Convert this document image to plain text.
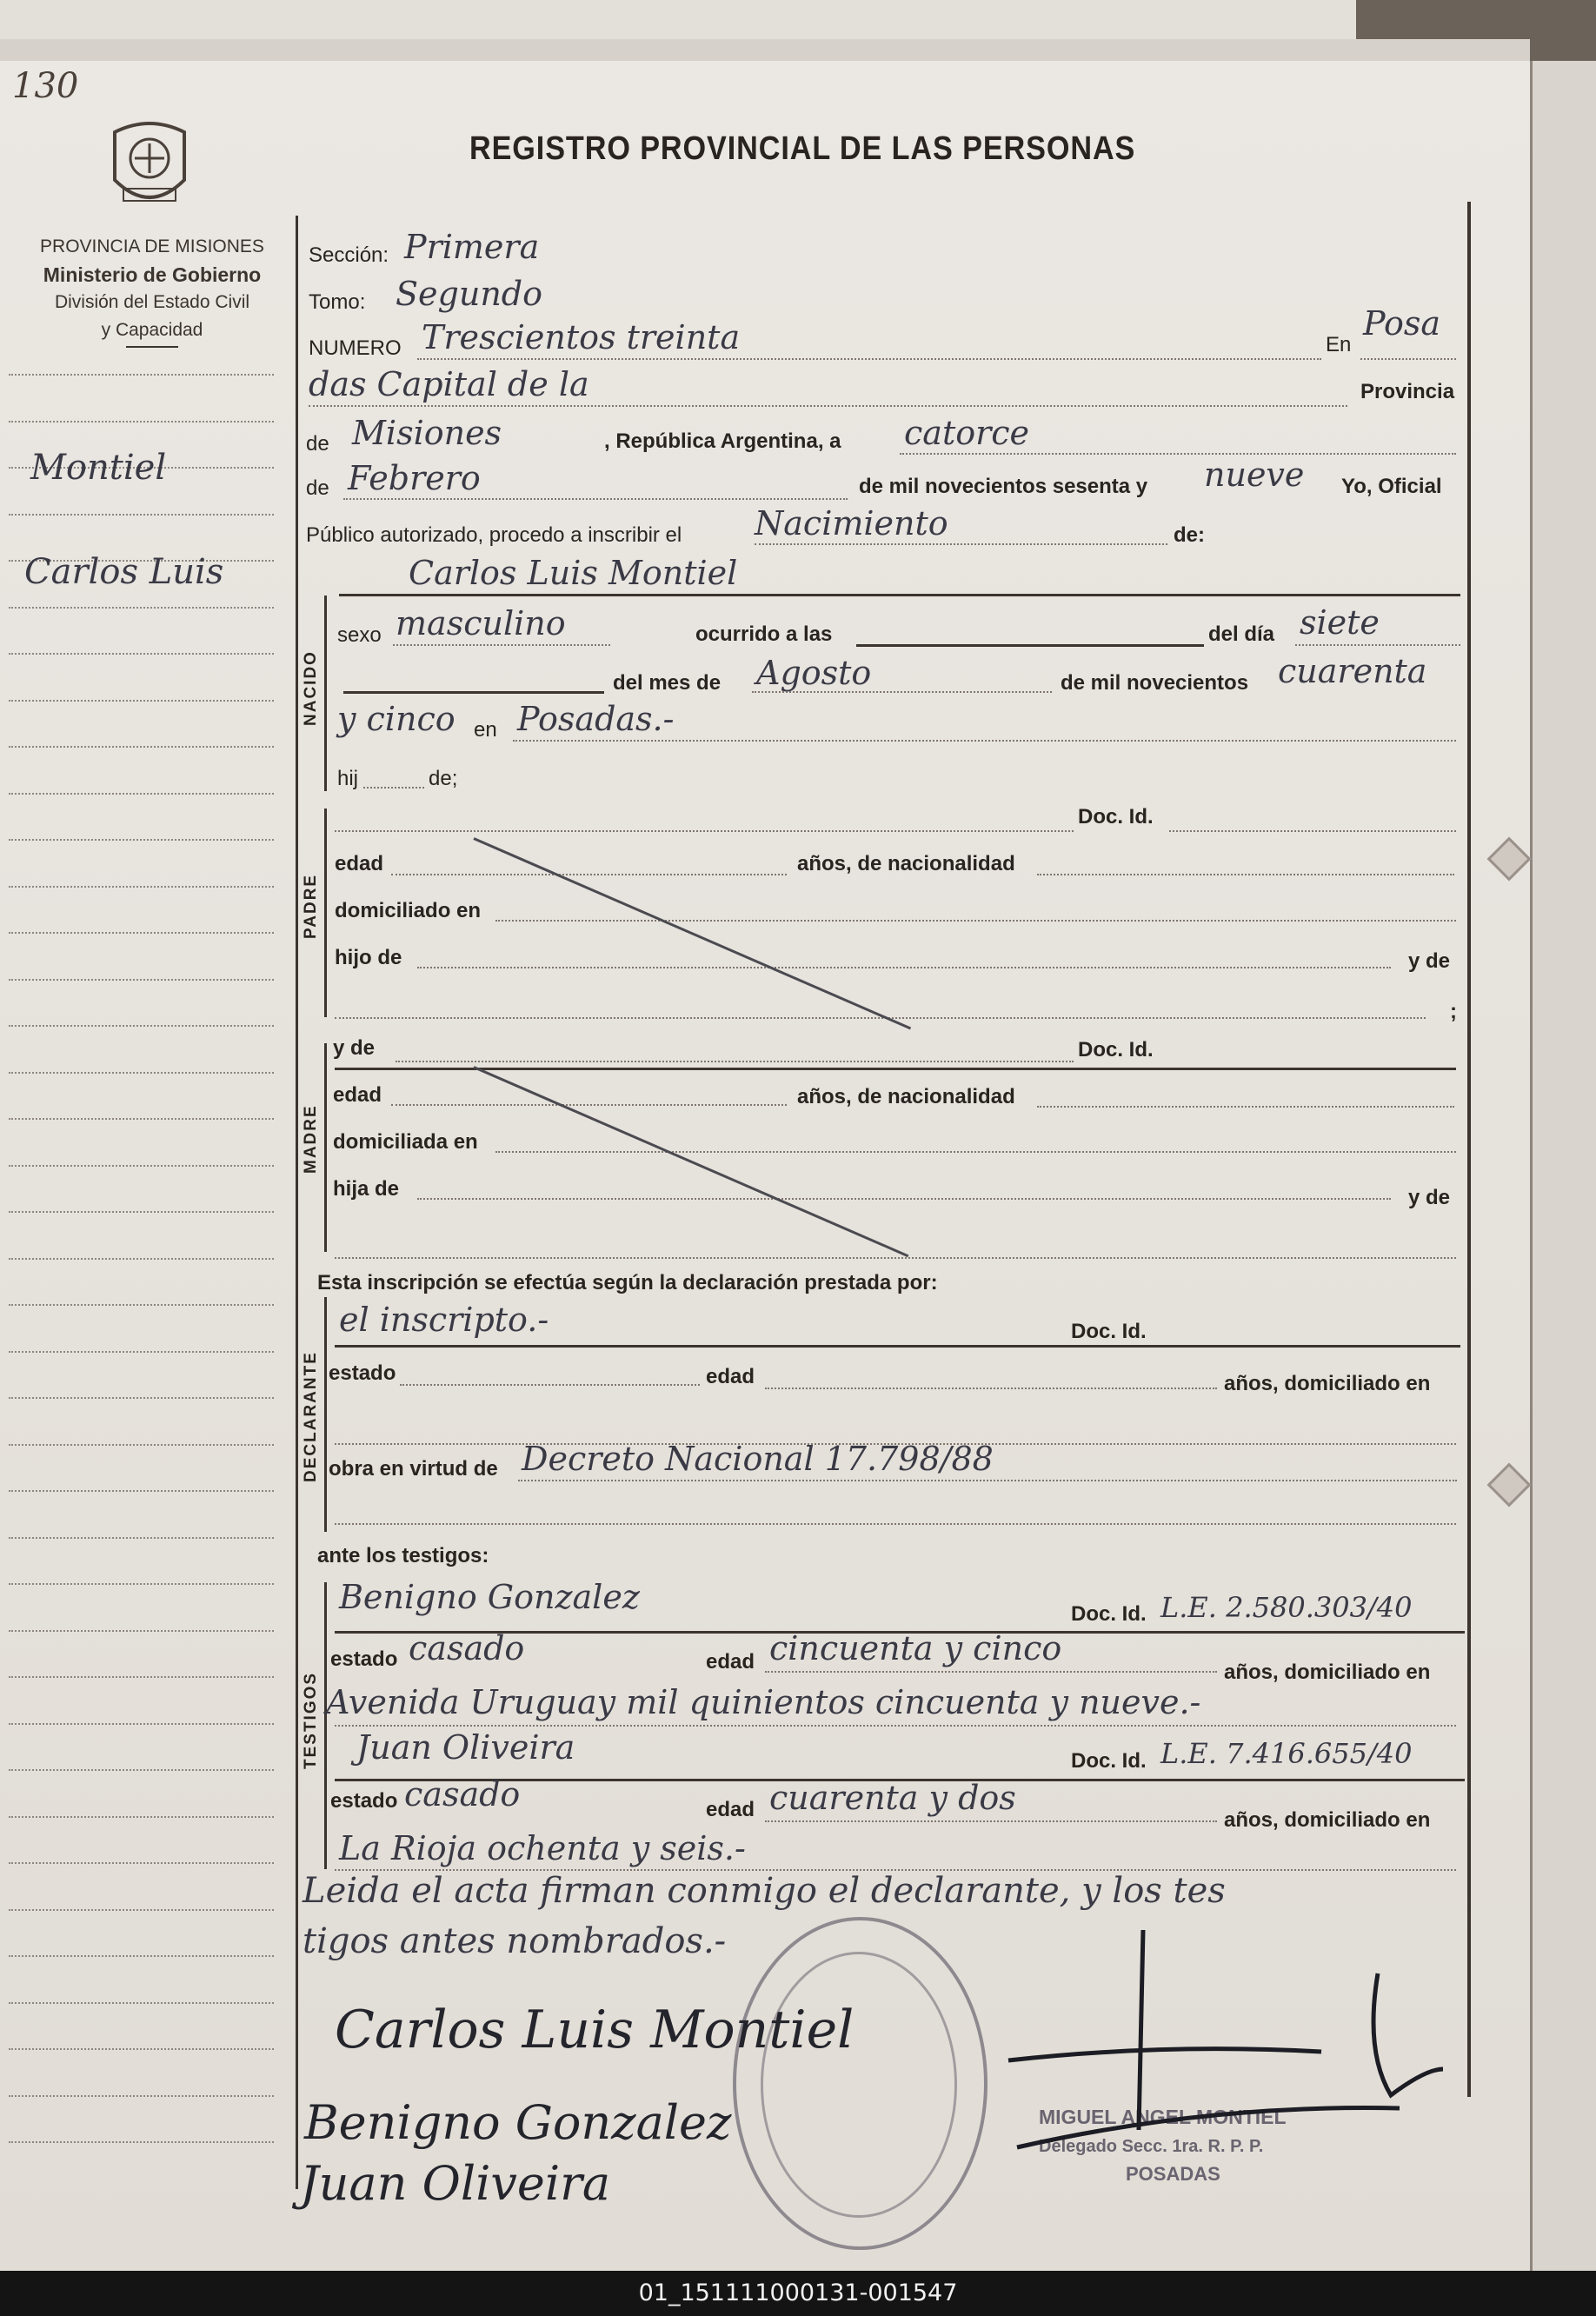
130
PROVINCIA DE MISIONES
Ministerio de Gobierno
División del Estado Civil
y Capacidad
Montiel
Carlos Luis
REGISTRO PROVINCIAL DE LAS PERSONAS
Sección: Primera
Tomo: Segundo
NUMERO Trescientos treinta	En
Posa
das Capital de la	Provincia
de Misiones	, República Argentina, a catorce
de Febrero	de mil novecientos sesenta y nueve Yo, Oficial
Público autorizado, procedo a inscribir el Nacimiento	de:
Carlos Luis Montiel
NACIDO
sexo masculino	ocurrido a las	del día siete
del mes de Agosto	de mil novecientos cuarenta
y cinco en Posadas.-
hij	de;
PADRE
Doc. Id.
edad	años, de nacionalidad
domiciliado en
hijo de	y de
;
MADRE
y de	Doc. Id.
edad	años, de nacionalidad
domiciliada en
hija de	y de
Esta inscripción se efectúa según la declaración prestada por:
DECLARANTE
el inscripto.-	Doc. Id.
estado	edad	años, domiciliado en
obra en virtud de Decreto Nacional 17.798/88
ante los testigos:
TESTIGOS
Benigno Gonzalez	Doc. Id. L.E. 2.580.303/40
estado casado	edad cincuenta y cinco
años, domiciliado en
Avenida Uruguay mil quinientos cincuenta y nueve.-
Juan Oliveira	Doc. Id. L.E. 7.416.655/40
estado casado	edad cuarenta y dos
años, domiciliado en
La Rioja ochenta y seis.-
Leida el acta firman conmigo el declarante, y los tes
tigos antes nombrados.-
MIGUEL ANGEL MONTIEL
Delegado Secc. 1ra. R. P. P.
POSADAS
Carlos Luis Montiel
Benigno Gonzalez
Juan Oliveira
01_151111000131-001547
